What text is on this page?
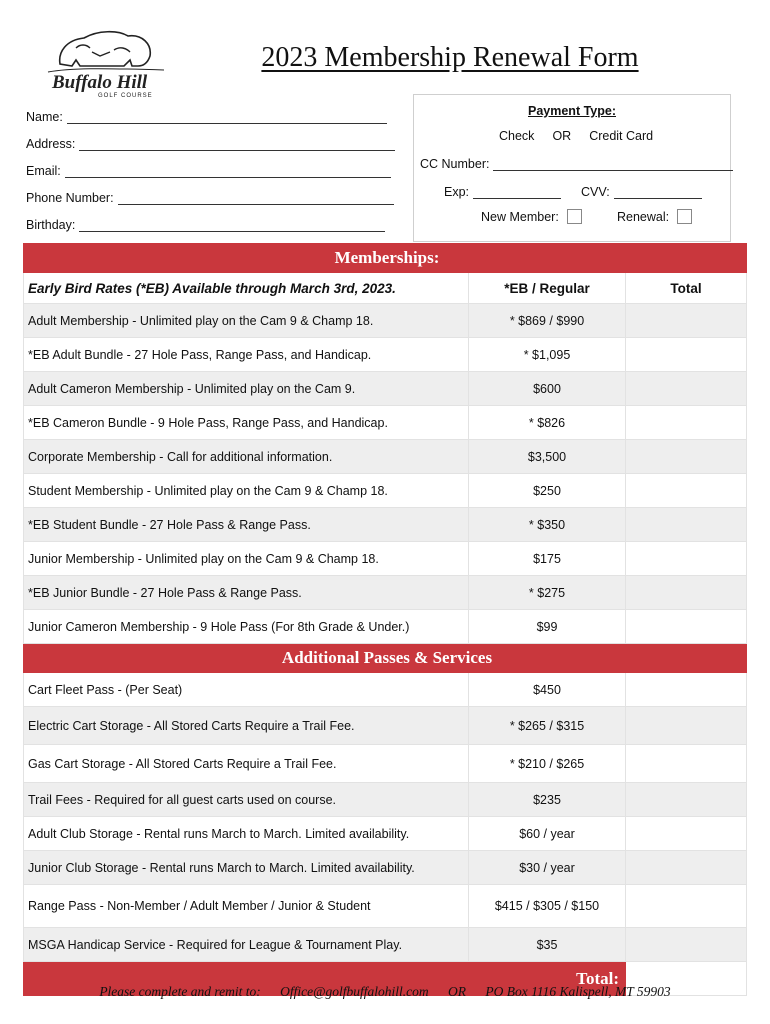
Buffalo Hill
GOLF COURSE
2023 Membership Renewal Form
Name:
Address:
Email:
Phone Number:
Birthday:
Payment Type:
Check OR Credit Card
CC Number:
Exp:	CVV:
New Member:	Renewal:
Memberships:		
Early Bird Rates (*EB) Available through March 3rd, 2023.	*EB / Regular	Total
Adult Membership - Unlimited play on the Cam 9 & Champ 18.	* $869 / $990	
*EB Adult Bundle - 27 Hole Pass, Range Pass, and Handicap.	* $1,095	
Adult Cameron Membership - Unlimited play on the Cam 9.	$600	
*EB Cameron Bundle - 9 Hole Pass, Range Pass, and Handicap.	* $826	
Corporate Membership - Call for additional information.	$3,500	
Student Membership - Unlimited play on the Cam 9 & Champ 18.	$250	
*EB Student Bundle - 27 Hole Pass & Range Pass.	* $350	
Junior Membership - Unlimited play on the Cam 9 & Champ 18.	$175	
*EB Junior Bundle - 27 Hole Pass & Range Pass.	* $275	
Junior Cameron Membership - 9 Hole Pass (For 8th Grade & Under.)	$99	
Additional Passes & Services		
Cart Fleet Pass - (Per Seat)	$450	
Electric Cart Storage - All Stored Carts Require a Trail Fee.	* $265 / $315	
Gas Cart Storage - All Stored Carts Require a Trail Fee.	* $210 / $265	
Trail Fees - Required for all guest carts used on course.	$235	
Adult Club Storage - Rental runs March to March. Limited availability.	$60 / year	
Junior Club Storage - Rental runs March to March. Limited availability.	$30 / year	
Range Pass - Non-Member / Adult Member / Junior & Student	$415 / $305 / $150	
MSGA Handicap Service - Required for League & Tournament Play.	$35	
Total:		
Please complete and remit to: Office@golfbuffalohill.com OR PO Box 1116 Kalispell, MT 59903
